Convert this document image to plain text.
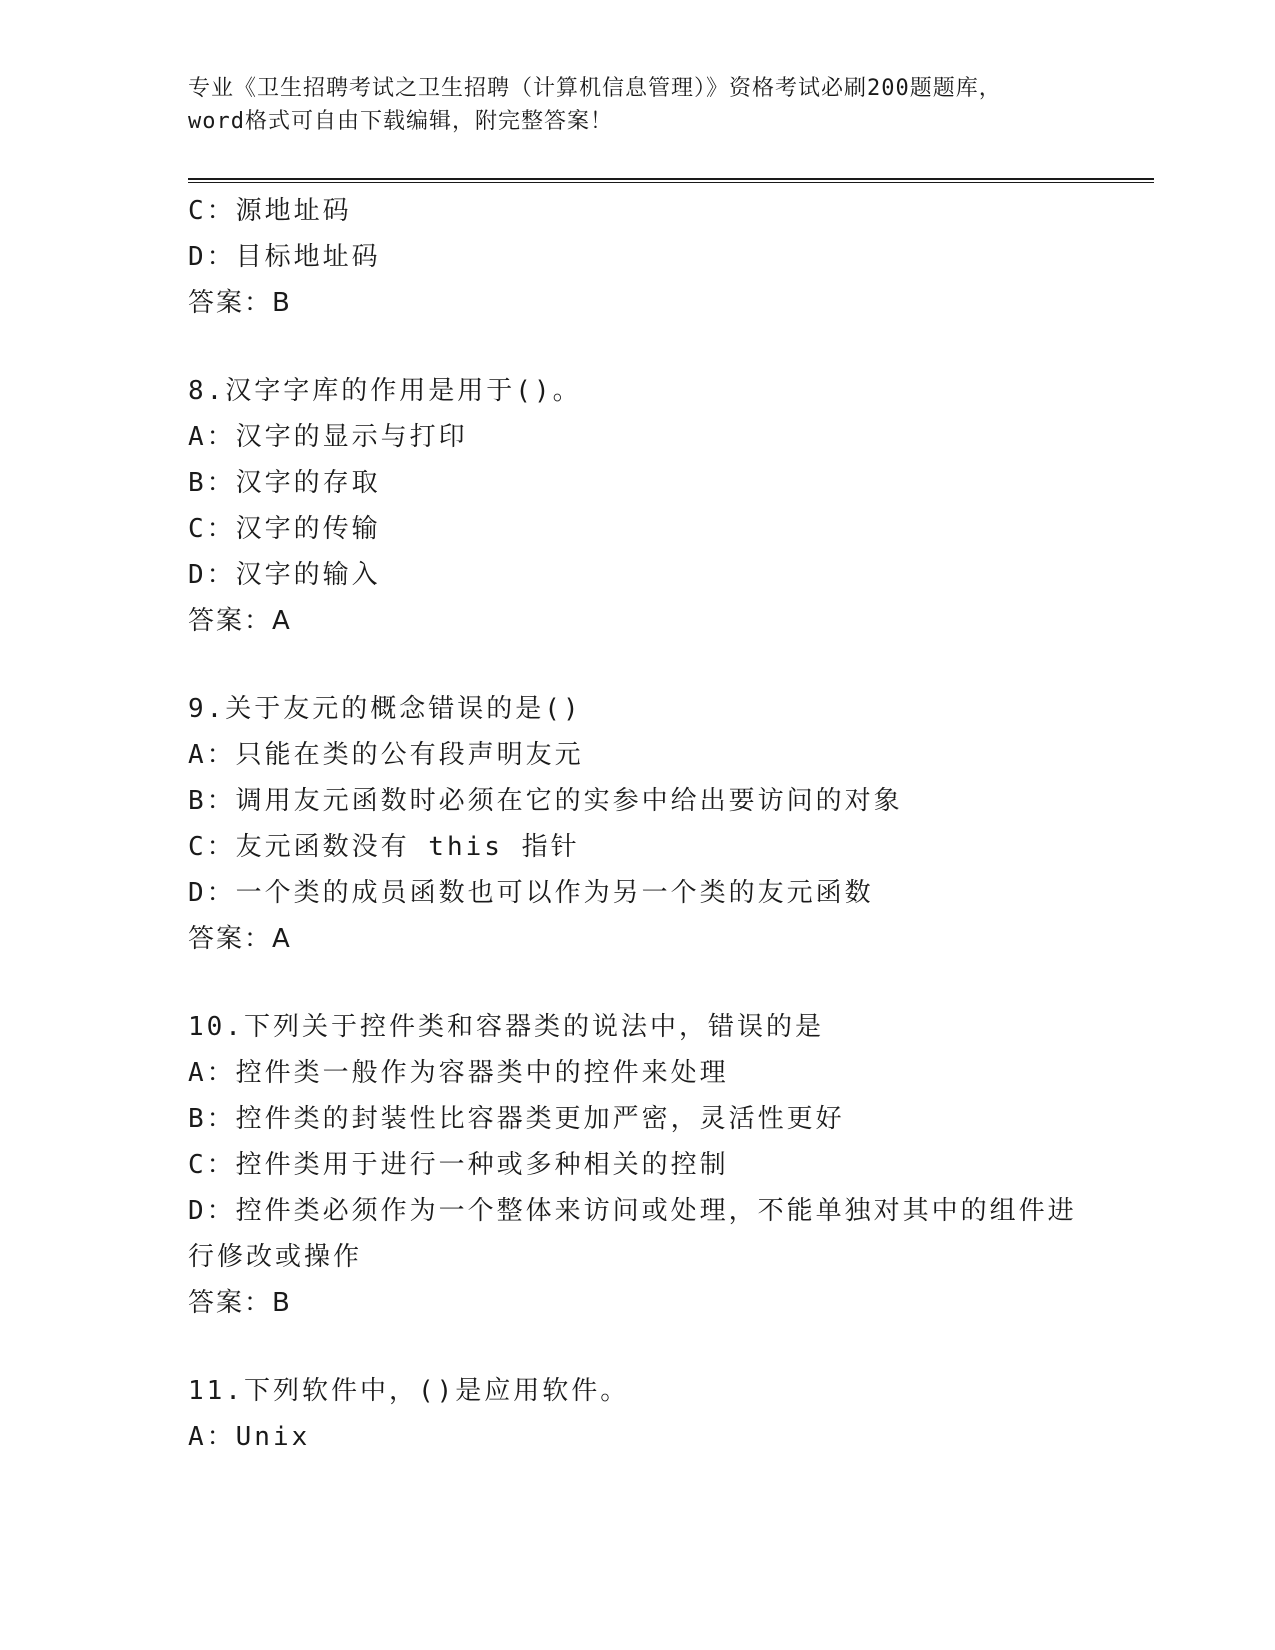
专业《卫生招聘考试之卫生招聘（计算机信息管理）》资格考试必刷200题题库，
word格式可自由下载编辑，附完整答案！
C：源地址码
D：目标地址码
答案：B
8.汉字字库的作用是用于()。
A：汉字的显示与打印
B：汉字的存取
C：汉字的传输
D：汉字的输入
答案：A
9.关于友元的概念错误的是()
A：只能在类的公有段声明友元
B：调用友元函数时必须在它的实参中给出要访问的对象
C：友元函数没有 this 指针
D：一个类的成员函数也可以作为另一个类的友元函数
答案：A
10.下列关于控件类和容器类的说法中，错误的是
A：控件类一般作为容器类中的控件来处理
B：控件类的封装性比容器类更加严密，灵活性更好
C：控件类用于进行一种或多种相关的控制
D：控件类必须作为一个整体来访问或处理，不能单独对其中的组件进行修改或操作
答案：B
11.下列软件中，()是应用软件。
A：Unix
